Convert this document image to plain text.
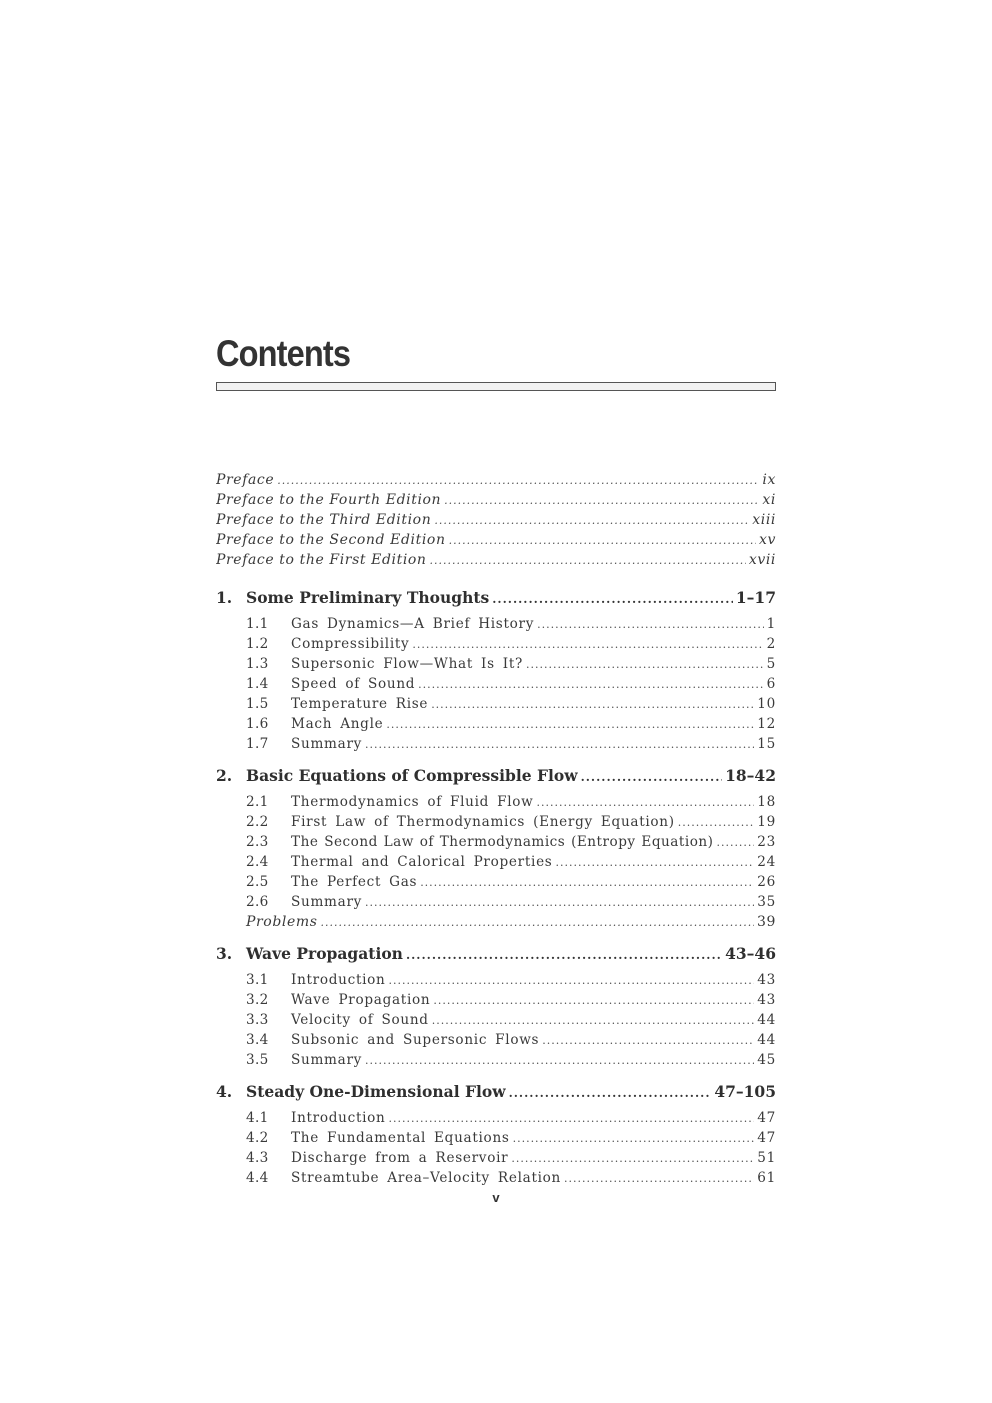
Contents
Preface .....	ix
Preface to the Fourth Edition .....	xi
Preface to the Third Edition .....	xiii
Preface to the Second Edition .....	xv
Preface to the First Edition .....	xvii
1. Some Preliminary Thoughts .....	1–17
1.1	Gas Dynamics—A Brief History .....	1
1.2	Compressibility .....	2
1.3	Supersonic Flow—What Is It? .....	5
1.4	Speed of Sound .....	6
1.5	Temperature Rise .....	10
1.6	Mach Angle .....	12
1.7	Summary .....	15
2. Basic Equations of Compressible Flow .....	18–42
2.1	Thermodynamics of Fluid Flow .....	18
2.2	First Law of Thermodynamics (Energy Equation) .....	19
2.3	The Second Law of Thermodynamics (Entropy Equation) .....	23
2.4	Thermal and Calorical Properties .....	24
2.5	The Perfect Gas .....	26
2.6	Summary .....	35
Problems .....	39
3. Wave Propagation .....	43–46
3.1	Introduction .....	43
3.2	Wave Propagation .....	43
3.3	Velocity of Sound .....	44
3.4	Subsonic and Supersonic Flows .....	44
3.5	Summary .....	45
4. Steady One-Dimensional Flow .....	47–105
4.1	Introduction .....	47
4.2	The Fundamental Equations .....	47
4.3	Discharge from a Reservoir .....	51
4.4	Streamtube Area–Velocity Relation .....	61
v
